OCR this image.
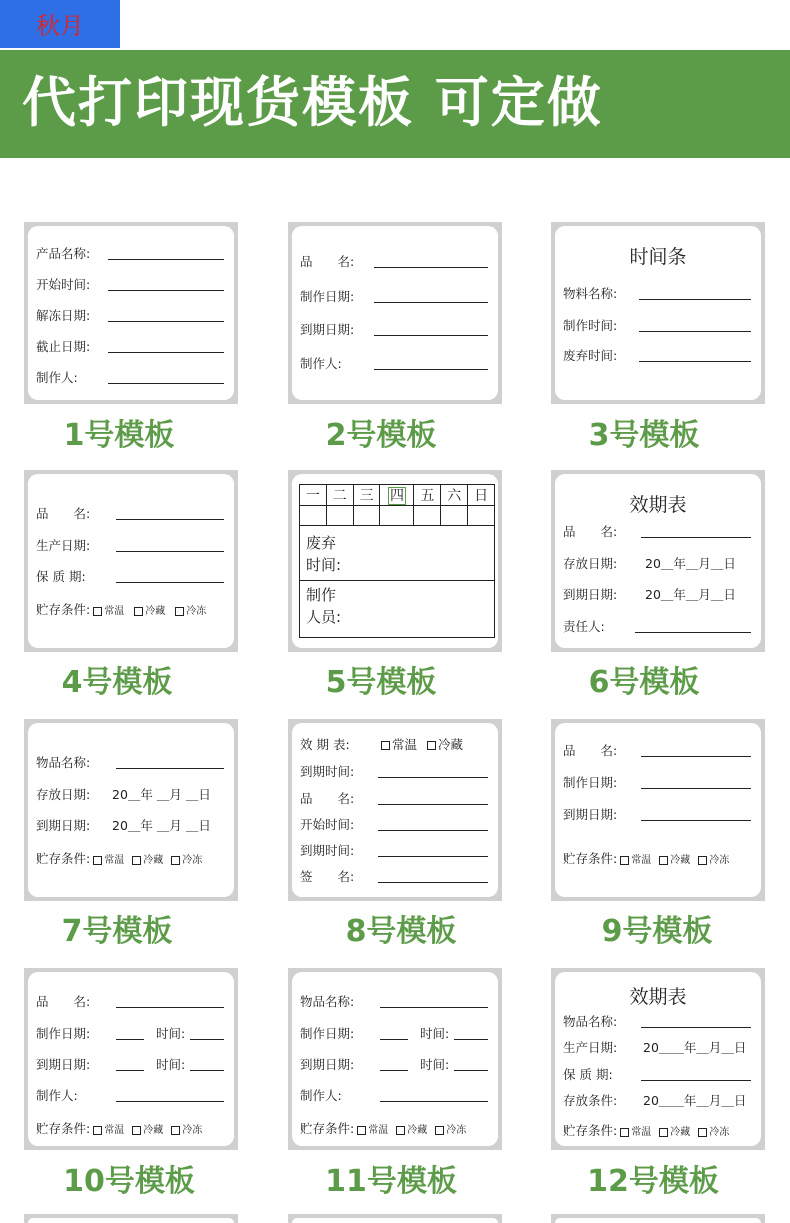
秋月
代打印现货模板 可定做
产品名称:
开始时间:
解冻日期:
截止日期:
制作人:
1号模板
品　　名:
制作日期:
到期日期:
制作人:
2号模板
时间条
物料名称:
制作时间:
废弃时间:
3号模板
品　　名:
生产日期:
保 质 期:
贮存条件: 常温 冷藏 冷冻
4号模板
一	二	三	四	五	六	日

废弃
时间:
制作
人员:
5号模板
效期表
品　　名:
存放日期: 20＿年＿月＿日
到期日期: 20＿年＿月＿日
责任人:
6号模板
物品名称:
存放日期: 20＿年 ＿月 ＿日
到期日期: 20＿年 ＿月 ＿日
贮存条件: 常温 冷藏 冷冻
7号模板
效 期 表:	常温 冷藏
到期时间:
品　　名:
开始时间:
到期时间:
签　　名:
8号模板
品　　名:
制作日期:
到期日期:
贮存条件: 常温 冷藏 冷冻
9号模板
品　　名:
制作日期:	时间:
到期日期:	时间:
制作人:
贮存条件: 常温 冷藏 冷冻
10号模板
物品名称:
制作日期:	时间:
到期日期:	时间:
制作人:
贮存条件: 常温 冷藏 冷冻
11号模板
效期表
物品名称:
生产日期: 20＿＿年＿月＿日
保 质 期:
存放条件: 20＿＿年＿月＿日
贮存条件: 常温 冷藏 冷冻
12号模板
